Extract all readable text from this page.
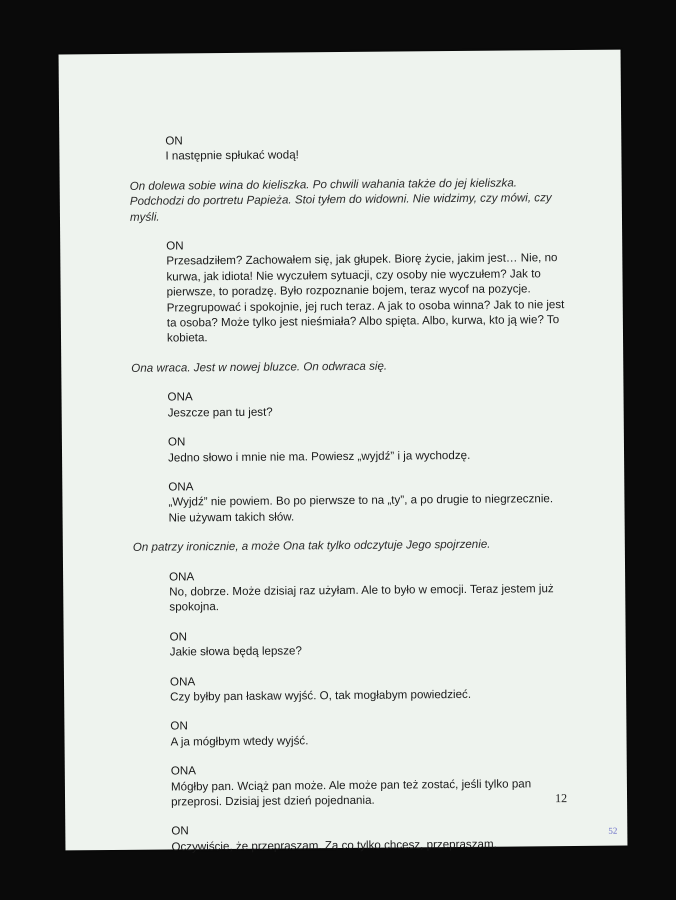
ON
I następnie spłukać wodą!
On dolewa sobie wina do kieliszka. Po chwili wahania także do jej kieliszka. Podchodzi do portretu Papieża. Stoi tyłem do widowni. Nie widzimy, czy mówi, czy myśli.
ON
Przesadziłem? Zachowałem się, jak głupek. Biorę życie, jakim jest… Nie, no kurwa, jak idiota! Nie wyczułem sytuacji, czy osoby nie wyczułem? Jak to pierwsze, to poradzę. Było rozpoznanie bojem, teraz wycof na pozycje. Przegrupować i spokojnie, jej ruch teraz. A jak to osoba winna? Jak to nie jest ta osoba? Może tylko jest nieśmiała? Albo spięta. Albo, kurwa, kto ją wie? To kobieta.
Ona wraca. Jest w nowej bluzce. On odwraca się.
ONA
Jeszcze pan tu jest?
ON
Jedno słowo i mnie nie ma. Powiesz „wyjdź” i ja wychodzę.
ONA
„Wyjdź” nie powiem. Bo po pierwsze to na „ty”, a po drugie to niegrzecznie. Nie używam takich słów.
On patrzy ironicznie, a może Ona tak tylko odczytuje Jego spojrzenie.
ONA
No, dobrze. Może dzisiaj raz użyłam. Ale to było w emocji. Teraz jestem już spokojna.
ON
Jakie słowa będą lepsze?
ONA
Czy byłby pan łaskaw wyjść. O, tak mogłabym powiedzieć.
ON
A ja mógłbym wtedy wyjść.
ONA
Mógłby pan. Wciąż pan może. Ale może pan też zostać, jeśli tylko pan przeprosi. Dzisiaj jest dzień pojednania.
ON
Oczywiście, że przepraszam. Za co tylko chcesz, przepraszam.
12
52
